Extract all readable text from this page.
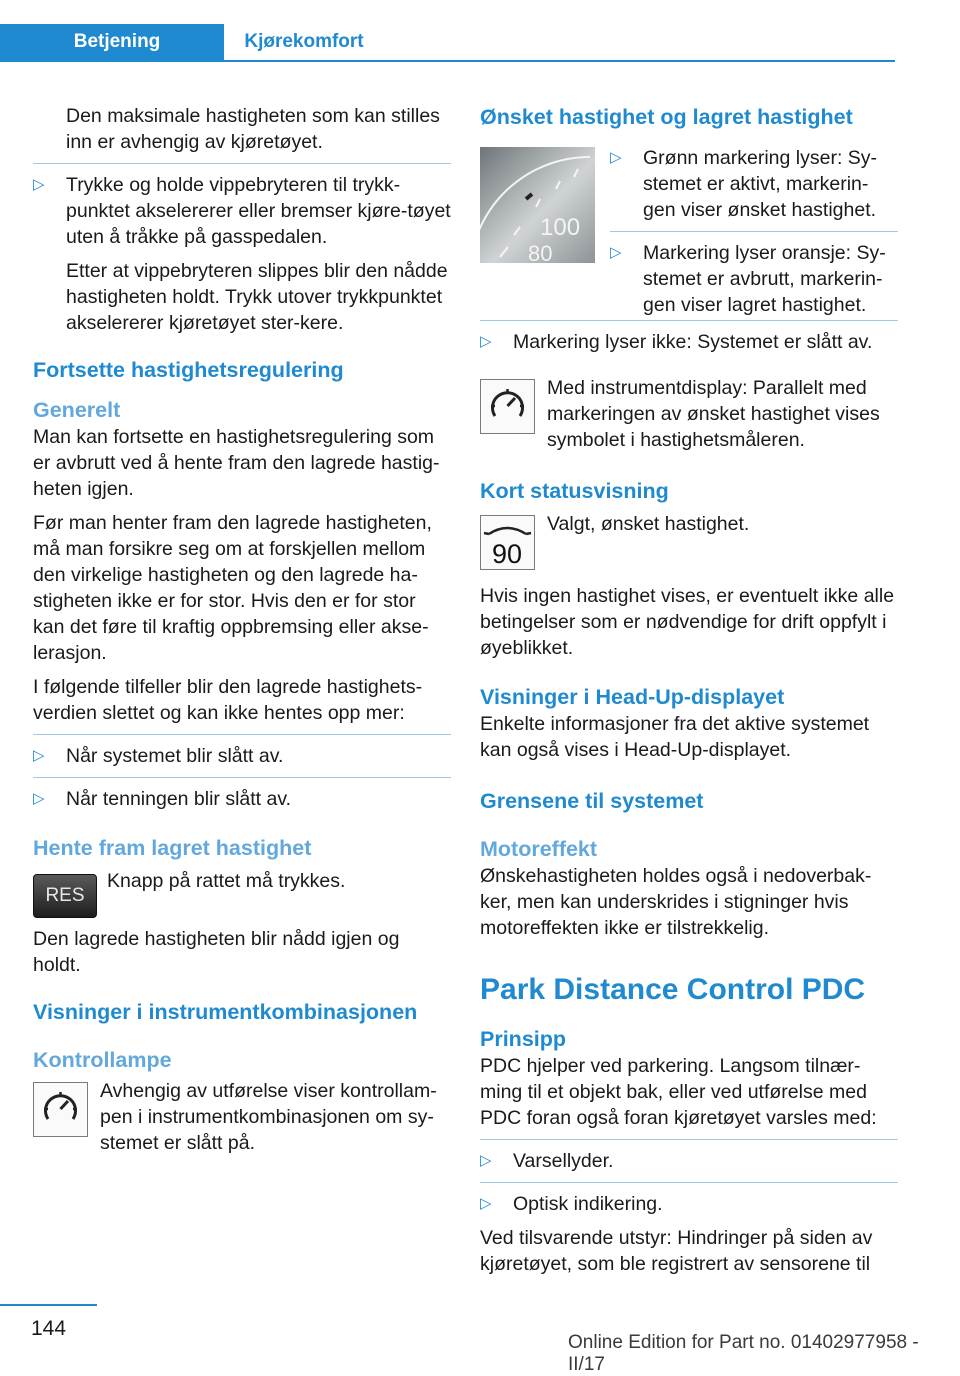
Betjening	Kjørekomfort

Den maksimale hastigheten som kan stilles inn er avhengig av kjøretøyet.

▷ Trykke og holde vippebryteren til trykk-punktet akselererer eller bremser kjøre-tøyet uten å tråkke på gasspedalen.

Etter at vippebryteren slippes blir den nådde hastigheten holdt. Trykk utover trykkpunktet akselererer kjøretøyet ster-kere.

Fortsette hastighetsregulering
Generelt

Man kan fortsette en hastighetsregulering som er avbrutt ved å hente fram den lagrede hastig-heten igjen.

Før man henter fram den lagrede hastigheten, må man forsikre seg om at forskjellen mellom den virkelige hastigheten og den lagrede ha-stigheten ikke er for stor. Hvis den er for stor kan det føre til kraftig oppbremsing eller akse-lerasjon.

I følgende tilfeller blir den lagrede hastighets-verdien slettet og kan ikke hentes opp mer:

▷ Når systemet blir slått av.
▷ Når tenningen blir slått av.
Hente fram lagret hastighet
RES

Knapp på rattet må trykkes.

Den lagrede hastigheten blir nådd igjen og holdt.

Visninger i instrumentkombinasjonen
Kontrollampe

Avhengig av utførelse viser kontrollam-pen i instrumentkombinasjonen om sy-stemet er slått på.

Ønsket hastighet og lagret hastighet
100
80
▷ Grønn markering lyser: Sy-stemet er aktivt, markerin-gen viser ønsket hastighet.
▷ Markering lyser oransje: Sy-stemet er avbrutt, markerin-gen viser lagret hastighet.
▷ Markering lyser ikke: Systemet er slått av.

Med instrumentdisplay: Parallelt med markeringen av ønsket hastighet vises symbolet i hastighetsmåleren.

Kort statusvisning
90

Valgt, ønsket hastighet.

Hvis ingen hastighet vises, er eventuelt ikke alle betingelser som er nødvendige for drift oppfylt i øyeblikket.

Visninger i Head-Up-displayet

Enkelte informasjoner fra det aktive systemet kan også vises i Head-Up-displayet.

Grensene til systemet
Motoreffekt

Ønskehastigheten holdes også i nedoverbak-ker, men kan underskrides i stigninger hvis motoreffekten ikke er tilstrekkelig.

Park Distance Control PDC
Prinsipp

PDC hjelper ved parkering. Langsom tilnær-ming til et objekt bak, eller ved utførelse med PDC foran også foran kjøretøyet varsles med:

▷ Varsellyder.
▷ Optisk indikering.

Ved tilsvarende utstyr: Hindringer på siden av kjøretøyet, som ble registrert av sensorene til

144
Online Edition for Part no. 01402977958 - II/17
